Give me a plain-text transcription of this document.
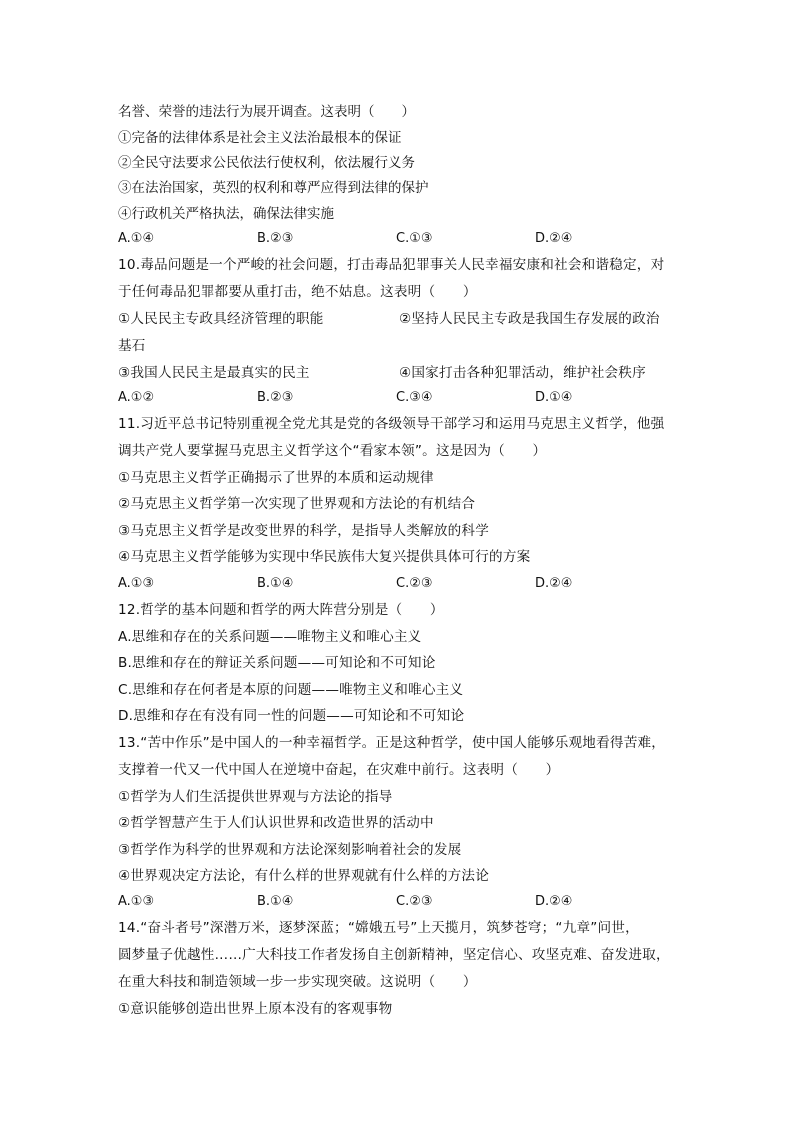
名誉、荣誉的违法行为展开调查。这表明（　　）
①完备的法律体系是社会主义法治最根本的保证
②全民守法要求公民依法行使权利，依法履行义务
③在法治国家，英烈的权利和尊严应得到法律的保护
④行政机关严格执法，确保法律实施
A.①④	B.②③	C.①③	D.②④
10.毒品问题是一个严峻的社会问题，打击毒品犯罪事关人民幸福安康和社会和谐稳定，对
于任何毒品犯罪都要从重打击，绝不姑息。这表明（　　）
①人民民主专政具经济管理的职能	②坚持人民民主专政是我国生存发展的政治
基石
③我国人民民主是最真实的民主	④国家打击各种犯罪活动，维护社会秩序
A.①②	B.②③	C.③④	D.①④
11.习近平总书记特别重视全党尤其是党的各级领导干部学习和运用马克思主义哲学，他强
调共产党人要掌握马克思主义哲学这个“看家本领”。这是因为（　　）
①马克思主义哲学正确揭示了世界的本质和运动规律
②马克思主义哲学第一次实现了世界观和方法论的有机结合
③马克思主义哲学是改变世界的科学，是指导人类解放的科学
④马克思主义哲学能够为实现中华民族伟大复兴提供具体可行的方案
A.①③	B.①④	C.②③	D.②④
12.哲学的基本问题和哲学的两大阵营分别是（　　）
A.思维和存在的关系问题——唯物主义和唯心主义
B.思维和存在的辩证关系问题——可知论和不可知论
C.思维和存在何者是本原的问题——唯物主义和唯心主义
D.思维和存在有没有同一性的问题——可知论和不可知论
13.“苦中作乐”是中国人的一种幸福哲学。正是这种哲学，使中国人能够乐观地看得苦难，
支撑着一代又一代中国人在逆境中奋起，在灾难中前行。这表明（　　）
①哲学为人们生活提供世界观与方法论的指导
②哲学智慧产生于人们认识世界和改造世界的活动中
③哲学作为科学的世界观和方法论深刻影响着社会的发展
④世界观决定方法论，有什么样的世界观就有什么样的方法论
A.①③	B.①④	C.②③	D.②④
14.“奋斗者号”深潜万米，逐梦深蓝；“嫦娥五号”上天揽月，筑梦苍穹；“九章”问世，
圆梦量子优越性……广大科技工作者发扬自主创新精神，坚定信心、攻坚克难、奋发进取，
在重大科技和制造领域一步一步实现突破。这说明（　　）
①意识能够创造出世界上原本没有的客观事物
